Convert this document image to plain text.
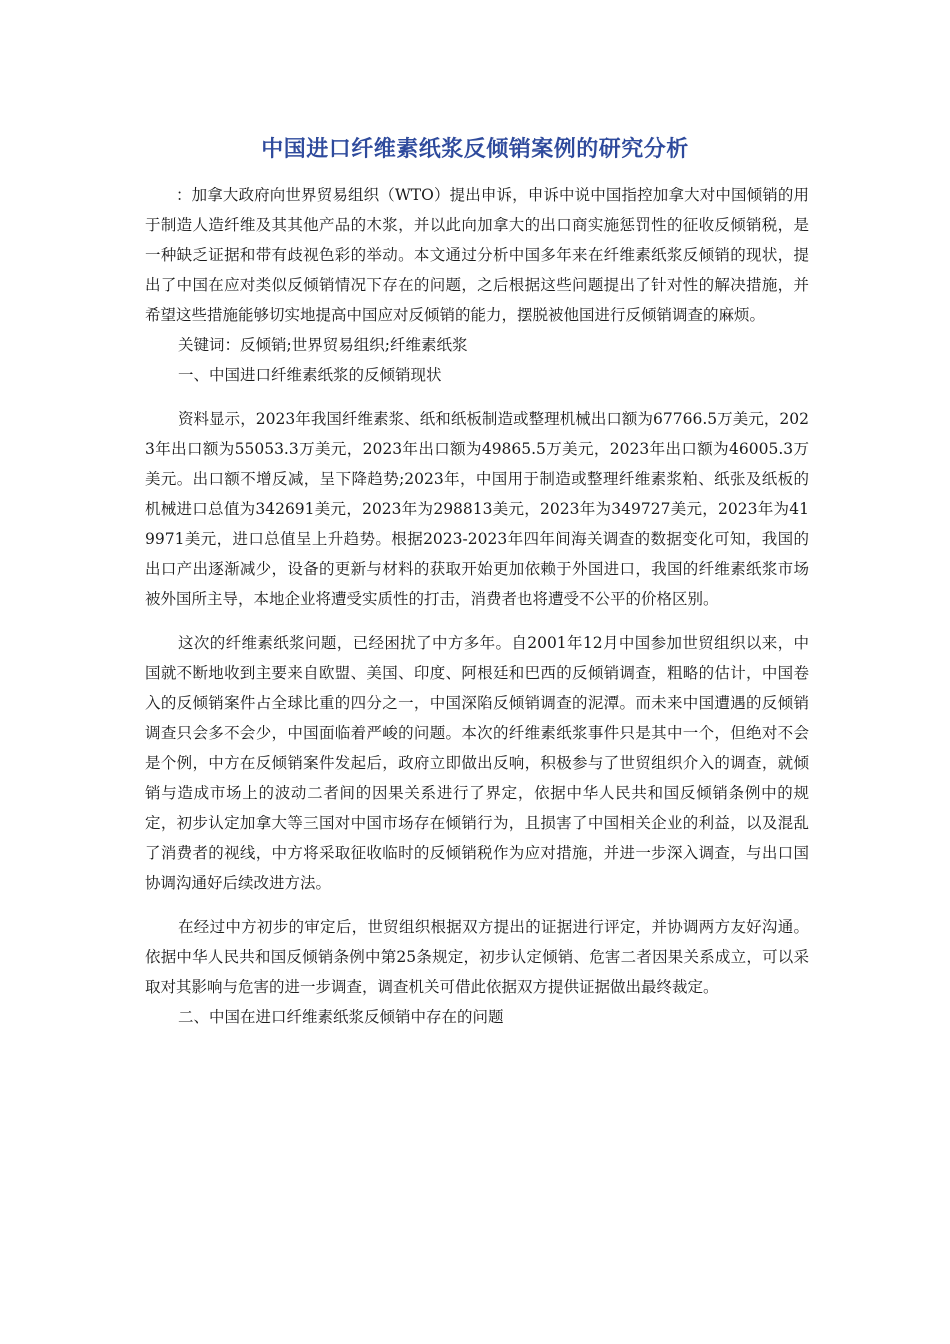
中国进口纤维素纸浆反倾销案例的研究分析

：加拿大政府向世界贸易组织（WTO）提出申诉，申诉中说中国指控加拿大对中国倾销的用于制造人造纤维及其其他产品的木浆，并以此向加拿大的出口商实施惩罚性的征收反倾销税，是一种缺乏证据和带有歧视色彩的举动。本文通过分析中国多年来在纤维素纸浆反倾销的现状，提出了中国在应对类似反倾销情况下存在的问题，之后根据这些问题提出了针对性的解决措施，并希望这些措施能够切实地提高中国应对反倾销的能力，摆脱被他国进行反倾销调查的麻烦。

关键词：反倾销;世界贸易组织;纤维素纸浆

一、中国进口纤维素纸浆的反倾销现状

资料显示，2023年我国纤维素浆、纸和纸板制造或整理机械出口额为67766.5万美元，2023年出口额为55053.3万美元，2023年出口额为49865.5万美元，2023年出口额为46005.3万美元。出口额不增反减，呈下降趋势;2023年，中国用于制造或整理纤维素浆粕、纸张及纸板的机械进口总值为342691美元，2023年为298813美元，2023年为349727美元，2023年为419971美元，进口总值呈上升趋势。根据2023-2023年四年间海关调查的数据变化可知，我国的出口产出逐渐减少，设备的更新与材料的获取开始更加依赖于外国进口，我国的纤维素纸浆市场被外国所主导，本地企业将遭受实质性的打击，消费者也将遭受不公平的价格区别。

这次的纤维素纸浆问题，已经困扰了中方多年。自2001年12月中国参加世贸组织以来，中国就不断地收到主要来自欧盟、美国、印度、阿根廷和巴西的反倾销调查，粗略的估计，中国卷入的反倾销案件占全球比重的四分之一，中国深陷反倾销调查的泥潭。而未来中国遭遇的反倾销调查只会多不会少，中国面临着严峻的问题。本次的纤维素纸浆事件只是其中一个，但绝对不会是个例，中方在反倾销案件发起后，政府立即做出反响，积极参与了世贸组织介入的调查，就倾销与造成市场上的波动二者间的因果关系进行了界定，依据中华人民共和国反倾销条例中的规定，初步认定加拿大等三国对中国市场存在倾销行为，且损害了中国相关企业的利益，以及混乱了消费者的视线，中方将采取征收临时的反倾销税作为应对措施，并进一步深入调查，与出口国协调沟通好后续改进方法。

在经过中方初步的审定后，世贸组织根据双方提出的证据进行评定，并协调两方友好沟通。依据中华人民共和国反倾销条例中第25条规定，初步认定倾销、危害二者因果关系成立，可以采取对其影响与危害的进一步调查，调查机关可借此依据双方提供证据做出最终裁定。

二、中国在进口纤维素纸浆反倾销中存在的问题
